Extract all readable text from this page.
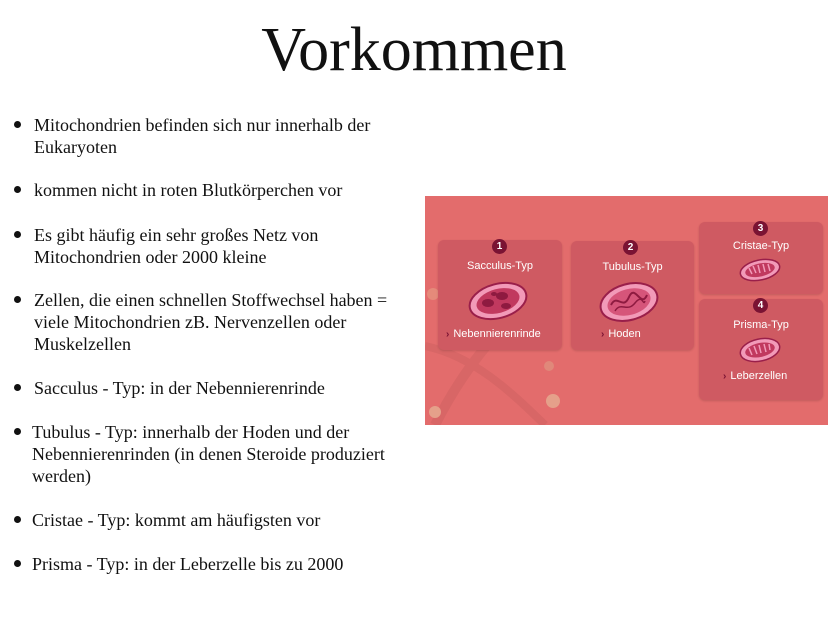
Vorkommen
Mitochondrien befinden sich nur innerhalb der Eukaryoten
kommen nicht in roten Blutkörperchen vor
Es gibt häufig ein sehr großes Netz von Mitochondrien oder 2000 kleine
Zellen, die einen schnellen Stoffwechsel haben = viele Mitochondrien zB. Nervenzellen oder Muskelzellen
Sacculus - Typ: in der Nebennierenrinde
Tubulus - Typ: innerhalb der Hoden und der Nebennierenrinden (in denen Steroide produziert werden)
Cristae - Typ: kommt am häufigsten vor
Prisma - Typ: in der Leberzelle bis zu 2000
1
Sacculus-Typ
› Nebennierenrinde
2
Tubulus-Typ
› Hoden
3
Cristae-Typ
4
Prisma-Typ
› Leberzellen
